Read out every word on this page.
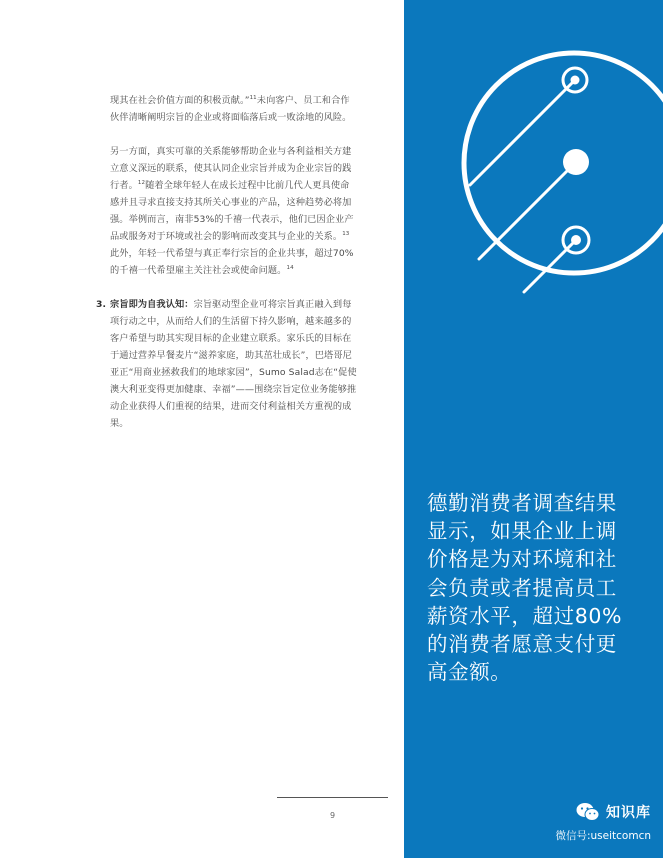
现其在社会价值方面的积极贡献。”$^{11}$未向客户、员工和合作伙伴清晰阐明宗旨的企业或将面临落后或一败涂地的风险。

另一方面，真实可靠的关系能够帮助企业与各利益相关方建立意义深远的联系，使其认同企业宗旨并成为企业宗旨的践行者。$^{12}$随着全球年轻人在成长过程中比前几代人更具使命感并且寻求直接支持其所关心事业的产品，这种趋势必将加强。举例而言，南非53%的千禧一代表示，他们已因企业产品或服务对于环境或社会的影响而改变其与企业的关系。$^{13}$此外，年轻一代希望与真正奉行宗旨的企业共事，超过70%的千禧一代希望雇主关注社会或使命问题。$^{14}$

3. 宗旨即为自我认知：宗旨驱动型企业可将宗旨真正融入到每项行动之中，从而给人们的生活留下持久影响，越来越多的客户希望与助其实现目标的企业建立联系。家乐氏的目标在于通过营养早餐麦片“滋养家庭，助其茁壮成长”，巴塔哥尼亚正“用商业拯救我们的地球家园”，Sumo Salad志在“促使澳大利亚变得更加健康、幸福”——围绕宗旨定位业务能够推动企业获得人们重视的结果，进而交付利益相关方重视的成果。
德勤消费者调查结果显示，如果企业上调价格是为对环境和社会负责或者提高员工薪资水平，超过80%的消费者愿意支付更高金额。
9	知识库
微信号:useitcomcn
